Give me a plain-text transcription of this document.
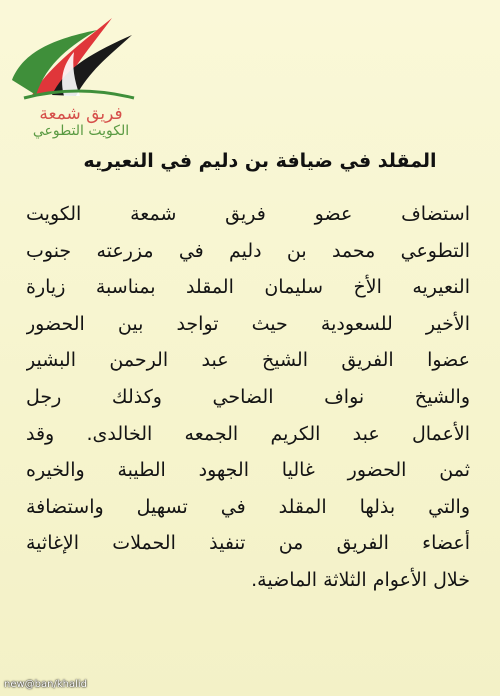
فريق شمعة
الكويت التطوعي
المقلد في ضيافة بن دليم في النعيريه
استضاف عضو فريق شمعة الكويت
التطوعي محمد بن دليم في مزرعته جنوب
النعيريه الأخ سليمان المقلد بمناسبة زيارة
الأخير للسعودية حيث تواجد بين الحضور
عضوا الفريق الشيخ عبد الرحمن البشير
والشيخ نواف الضاحي وكذلك رجل
الأعمال عبد الكريم الجمعه الخالدى. وقد
ثمن الحضور غاليا الجهود الطيبة والخيره
والتي بذلها المقلد في تسهيل واستضافة
أعضاء الفريق من تنفيذ الحملات الإغاثية
خلال الأعوام الثلاثة الماضية.
new@ban/khalid
